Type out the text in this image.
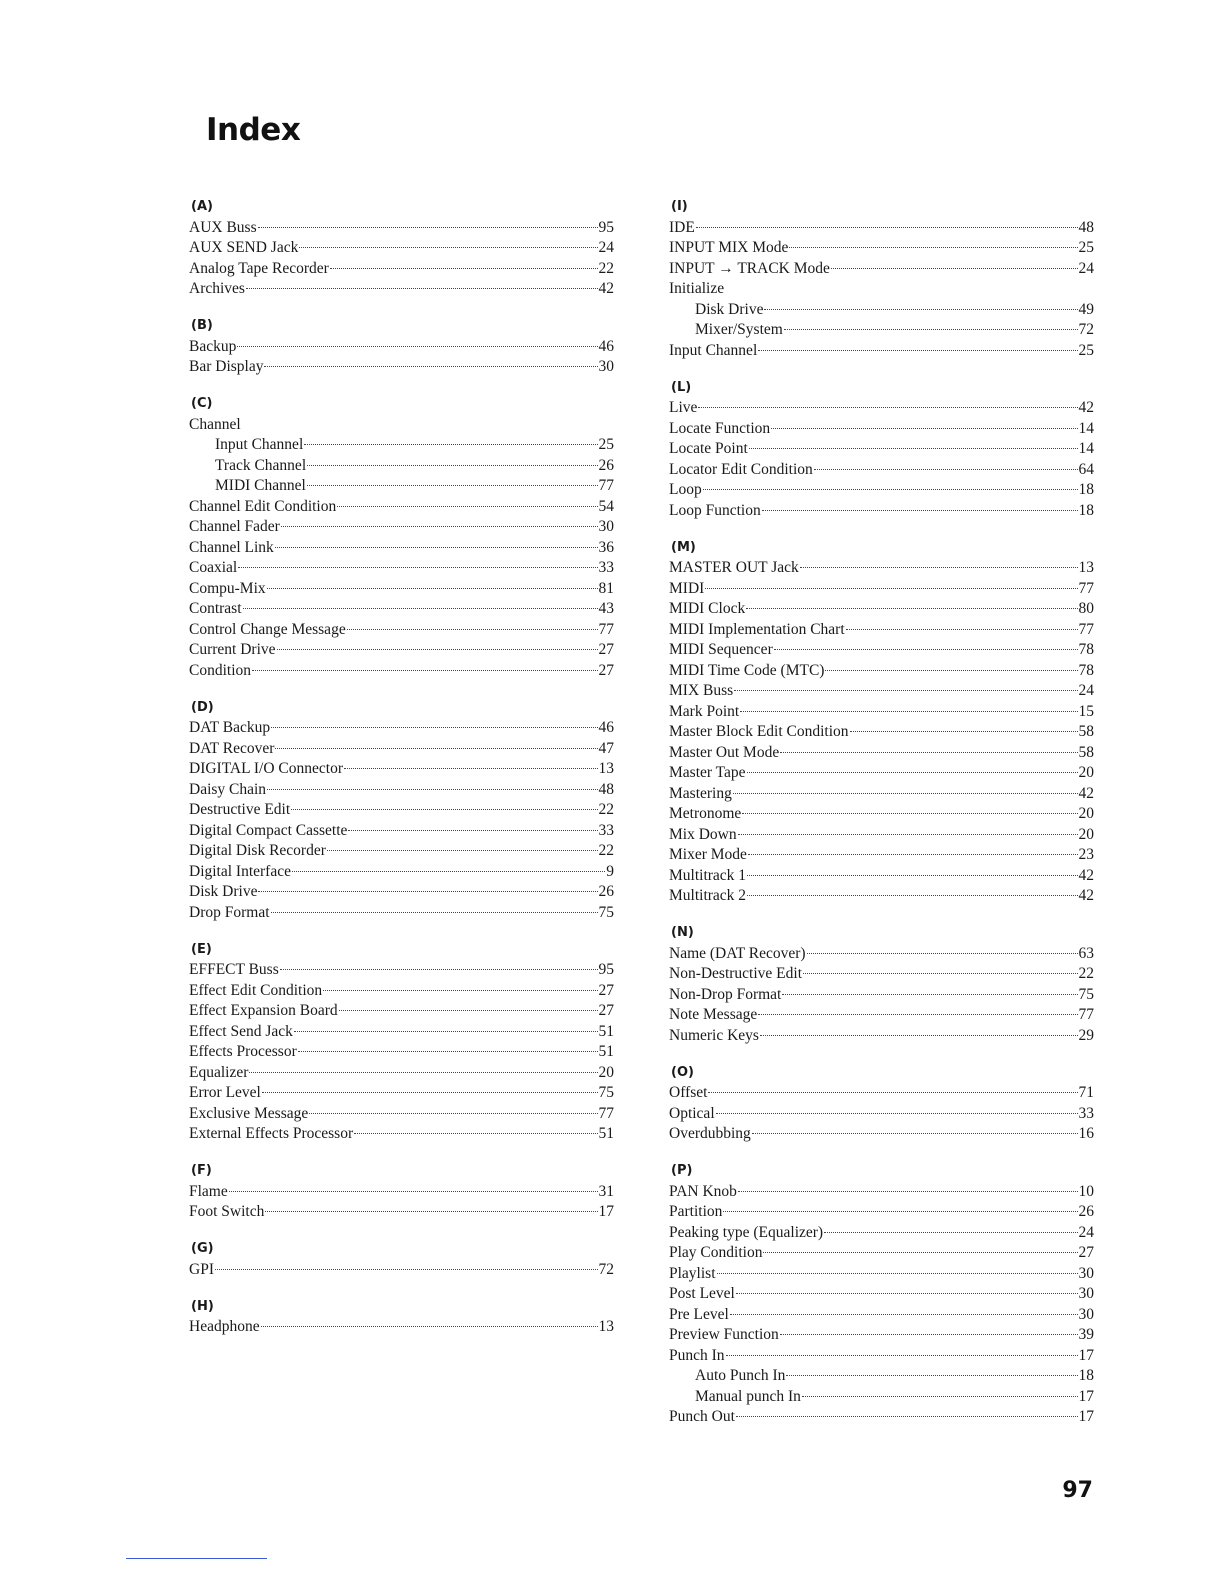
Index
(A)
AUX Buss	95
AUX SEND Jack	24
Analog Tape Recorder	22
Archives	42
(B)
Backup	46
Bar Display	30
(C)
Channel
Input Channel	25
Track Channel	26
MIDI Channel	77
Channel Edit Condition	54
Channel Fader	30
Channel Link	36
Coaxial	33
Compu-Mix	81
Contrast	43
Control Change Message	77
Current Drive	27
Condition	27
(D)
DAT Backup	46
DAT Recover	47
DIGITAL I/O Connector	13
Daisy Chain	48
Destructive Edit	22
Digital Compact Cassette	33
Digital Disk Recorder	22
Digital Interface	9
Disk Drive	26
Drop Format	75
(E)
EFFECT Buss	95
Effect Edit Condition	27
Effect Expansion Board	27
Effect Send Jack	51
Effects Processor	51
Equalizer	20
Error Level	75
Exclusive Message	77
External Effects Processor	51
(F)
Flame	31
Foot Switch	17
(G)
GPI	72
(H)
Headphone	13
(I)
IDE	48
INPUT MIX Mode	25
INPUT → TRACK Mode	24
Initialize
Disk Drive	49
Mixer/System	72
Input Channel	25
(L)
Live	42
Locate Function	14
Locate Point	14
Locator Edit Condition	64
Loop	18
Loop Function	18
(M)
MASTER OUT Jack	13
MIDI	77
MIDI Clock	80
MIDI Implementation Chart	77
MIDI Sequencer	78
MIDI Time Code (MTC)	78
MIX Buss	24
Mark Point	15
Master Block Edit Condition	58
Master Out Mode	58
Master Tape	20
Mastering	42
Metronome	20
Mix Down	20
Mixer Mode	23
Multitrack 1	42
Multitrack 2	42
(N)
Name (DAT Recover)	63
Non-Destructive Edit	22
Non-Drop Format	75
Note Message	77
Numeric Keys	29
(O)
Offset	71
Optical	33
Overdubbing	16
(P)
PAN Knob	10
Partition	26
Peaking type (Equalizer)	24
Play Condition	27
Playlist	30
Post Level	30
Pre Level	30
Preview Function	39
Punch In	17
Auto Punch In	18
Manual punch In	17
Punch Out	17
97
